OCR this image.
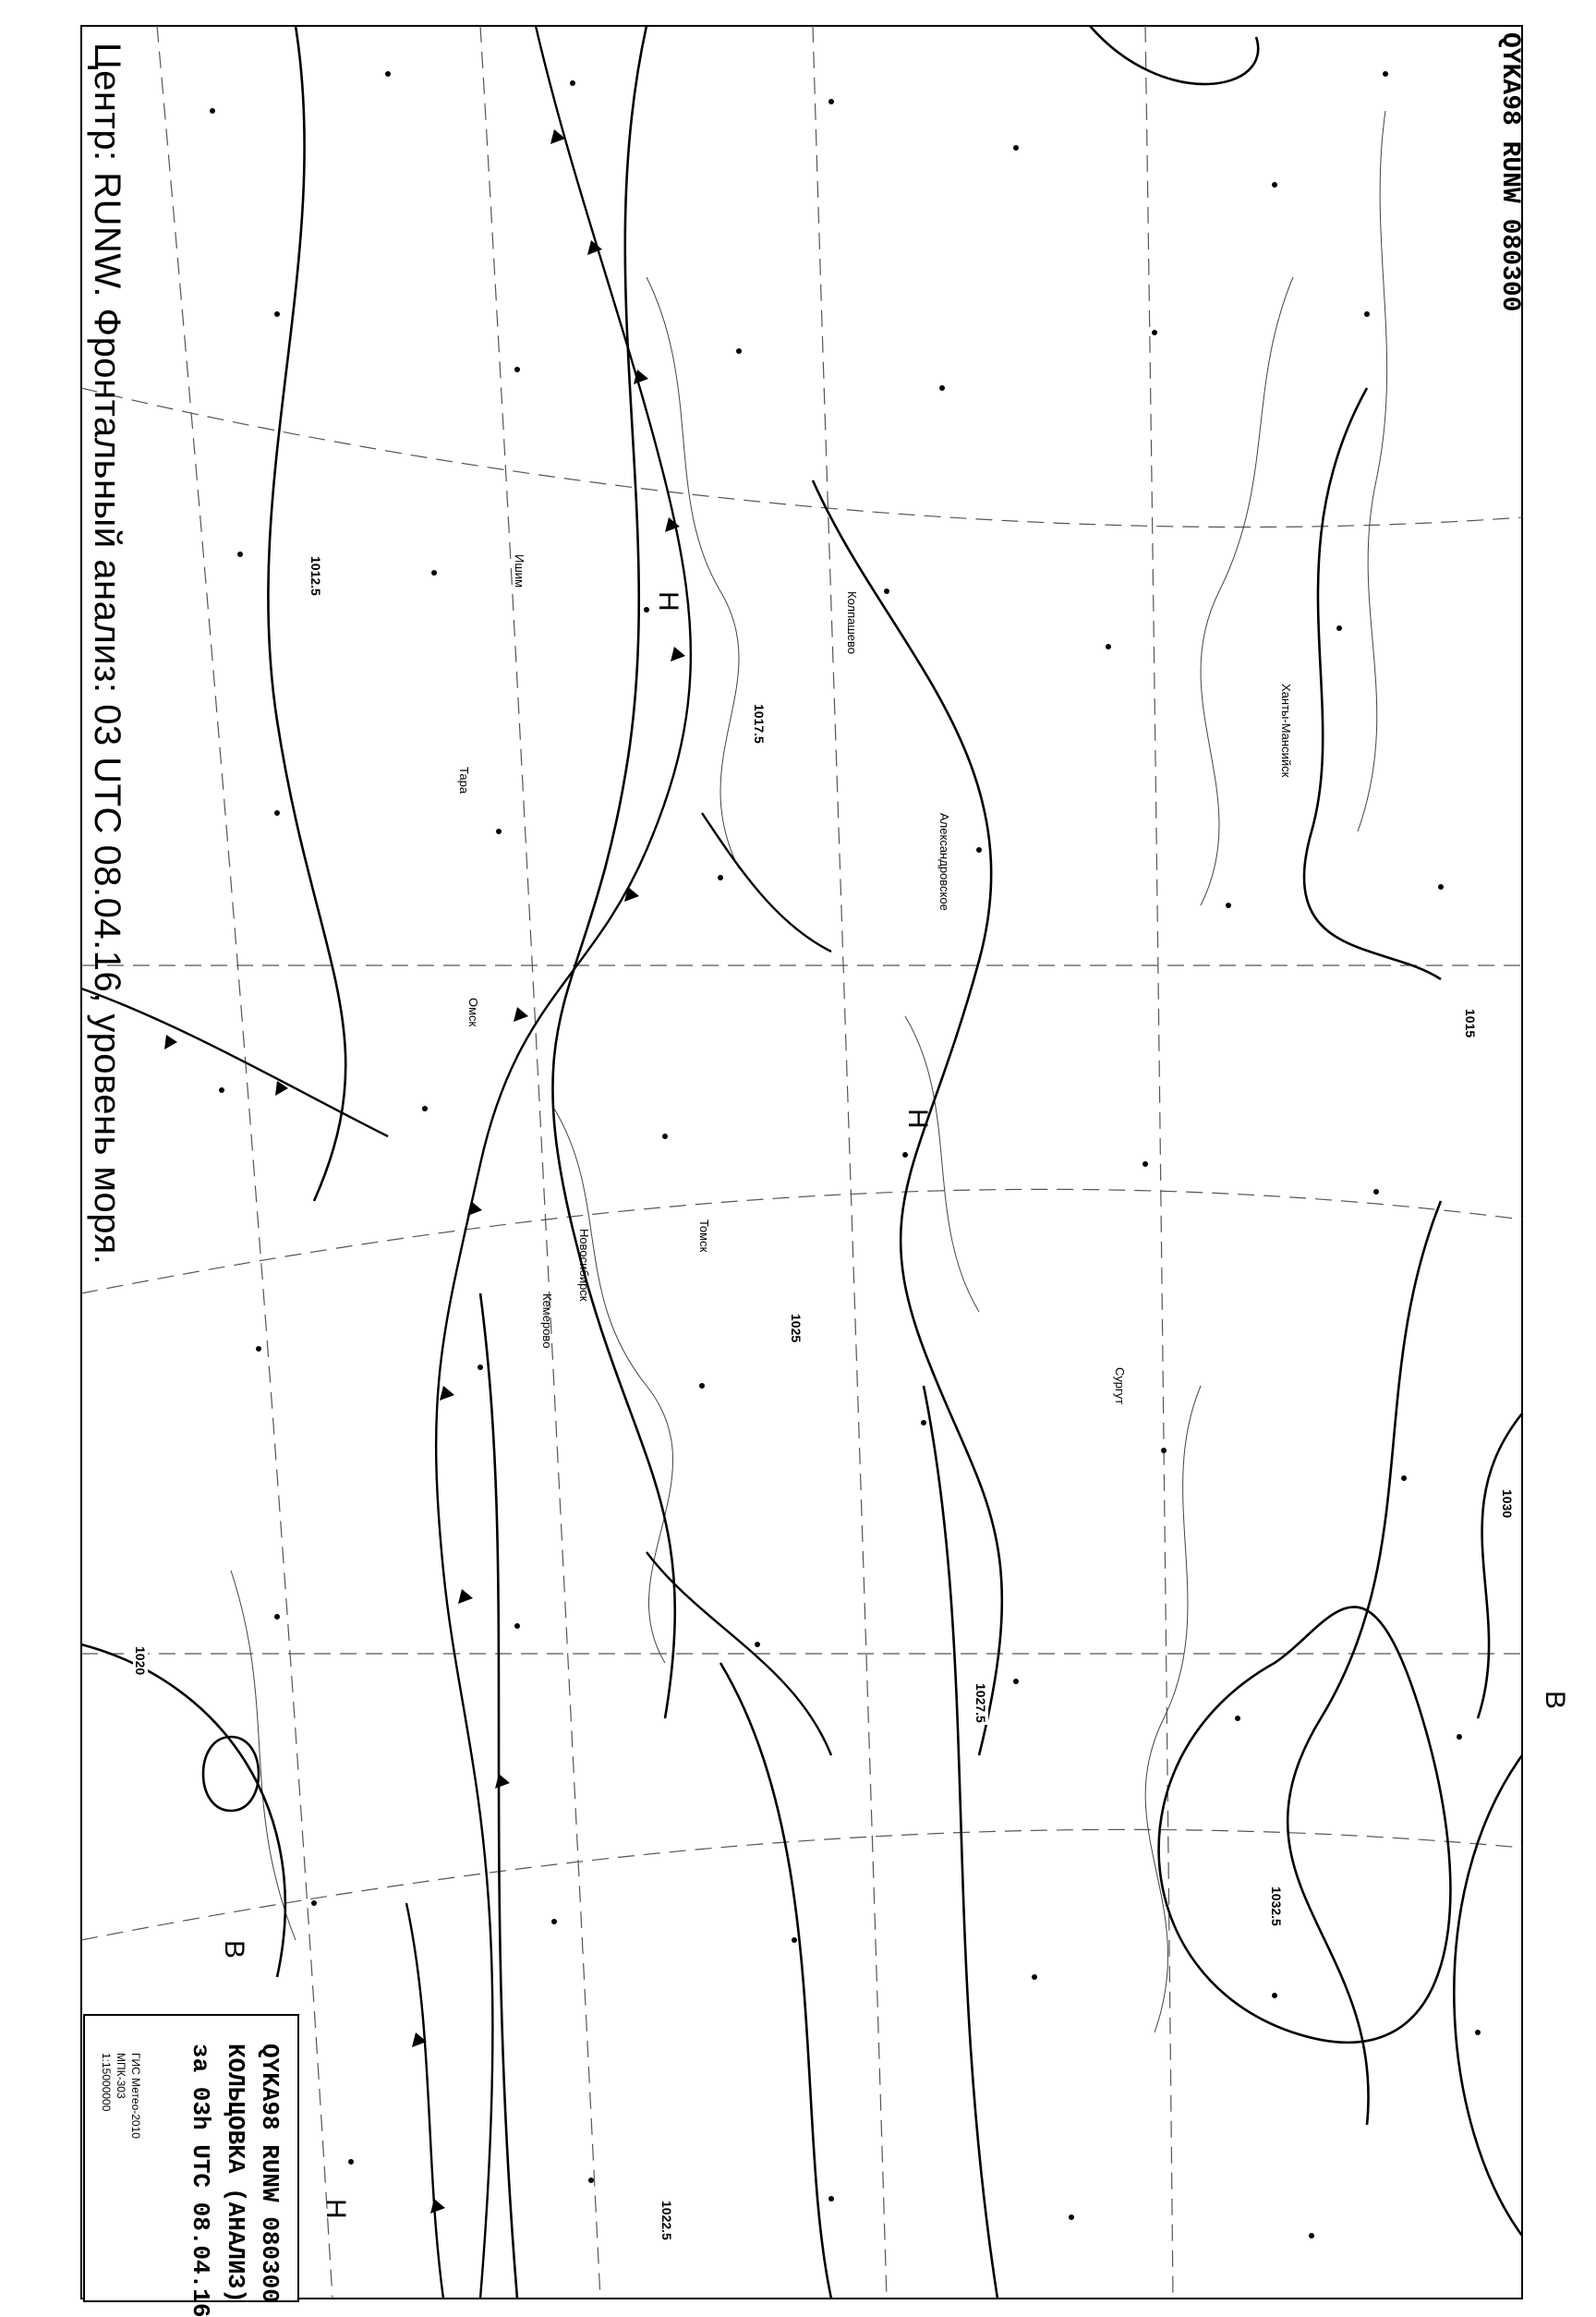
Центр: RUNW. Фронтальный анализ: 03 UTC 08.04.16, уровень моря.	QYKA98 RUNW 080300
1012.5
1015
1017.5
1020
1022.5
1025
1027.5
1030
1032.5
В
В
Н
Н
Н
Новосибирск	Томск
Кемерово
Ханты-Мансийск
Александровское
Тара
Омск
Сургут
Колпашево
Ишим
QYKA98 RUNW 080300
КОЛЬЦОВКА (АНАЛИЗ)
за 03h UTC 08.04.16
ГИС Метео-2010
МПК-303
1:15000000
